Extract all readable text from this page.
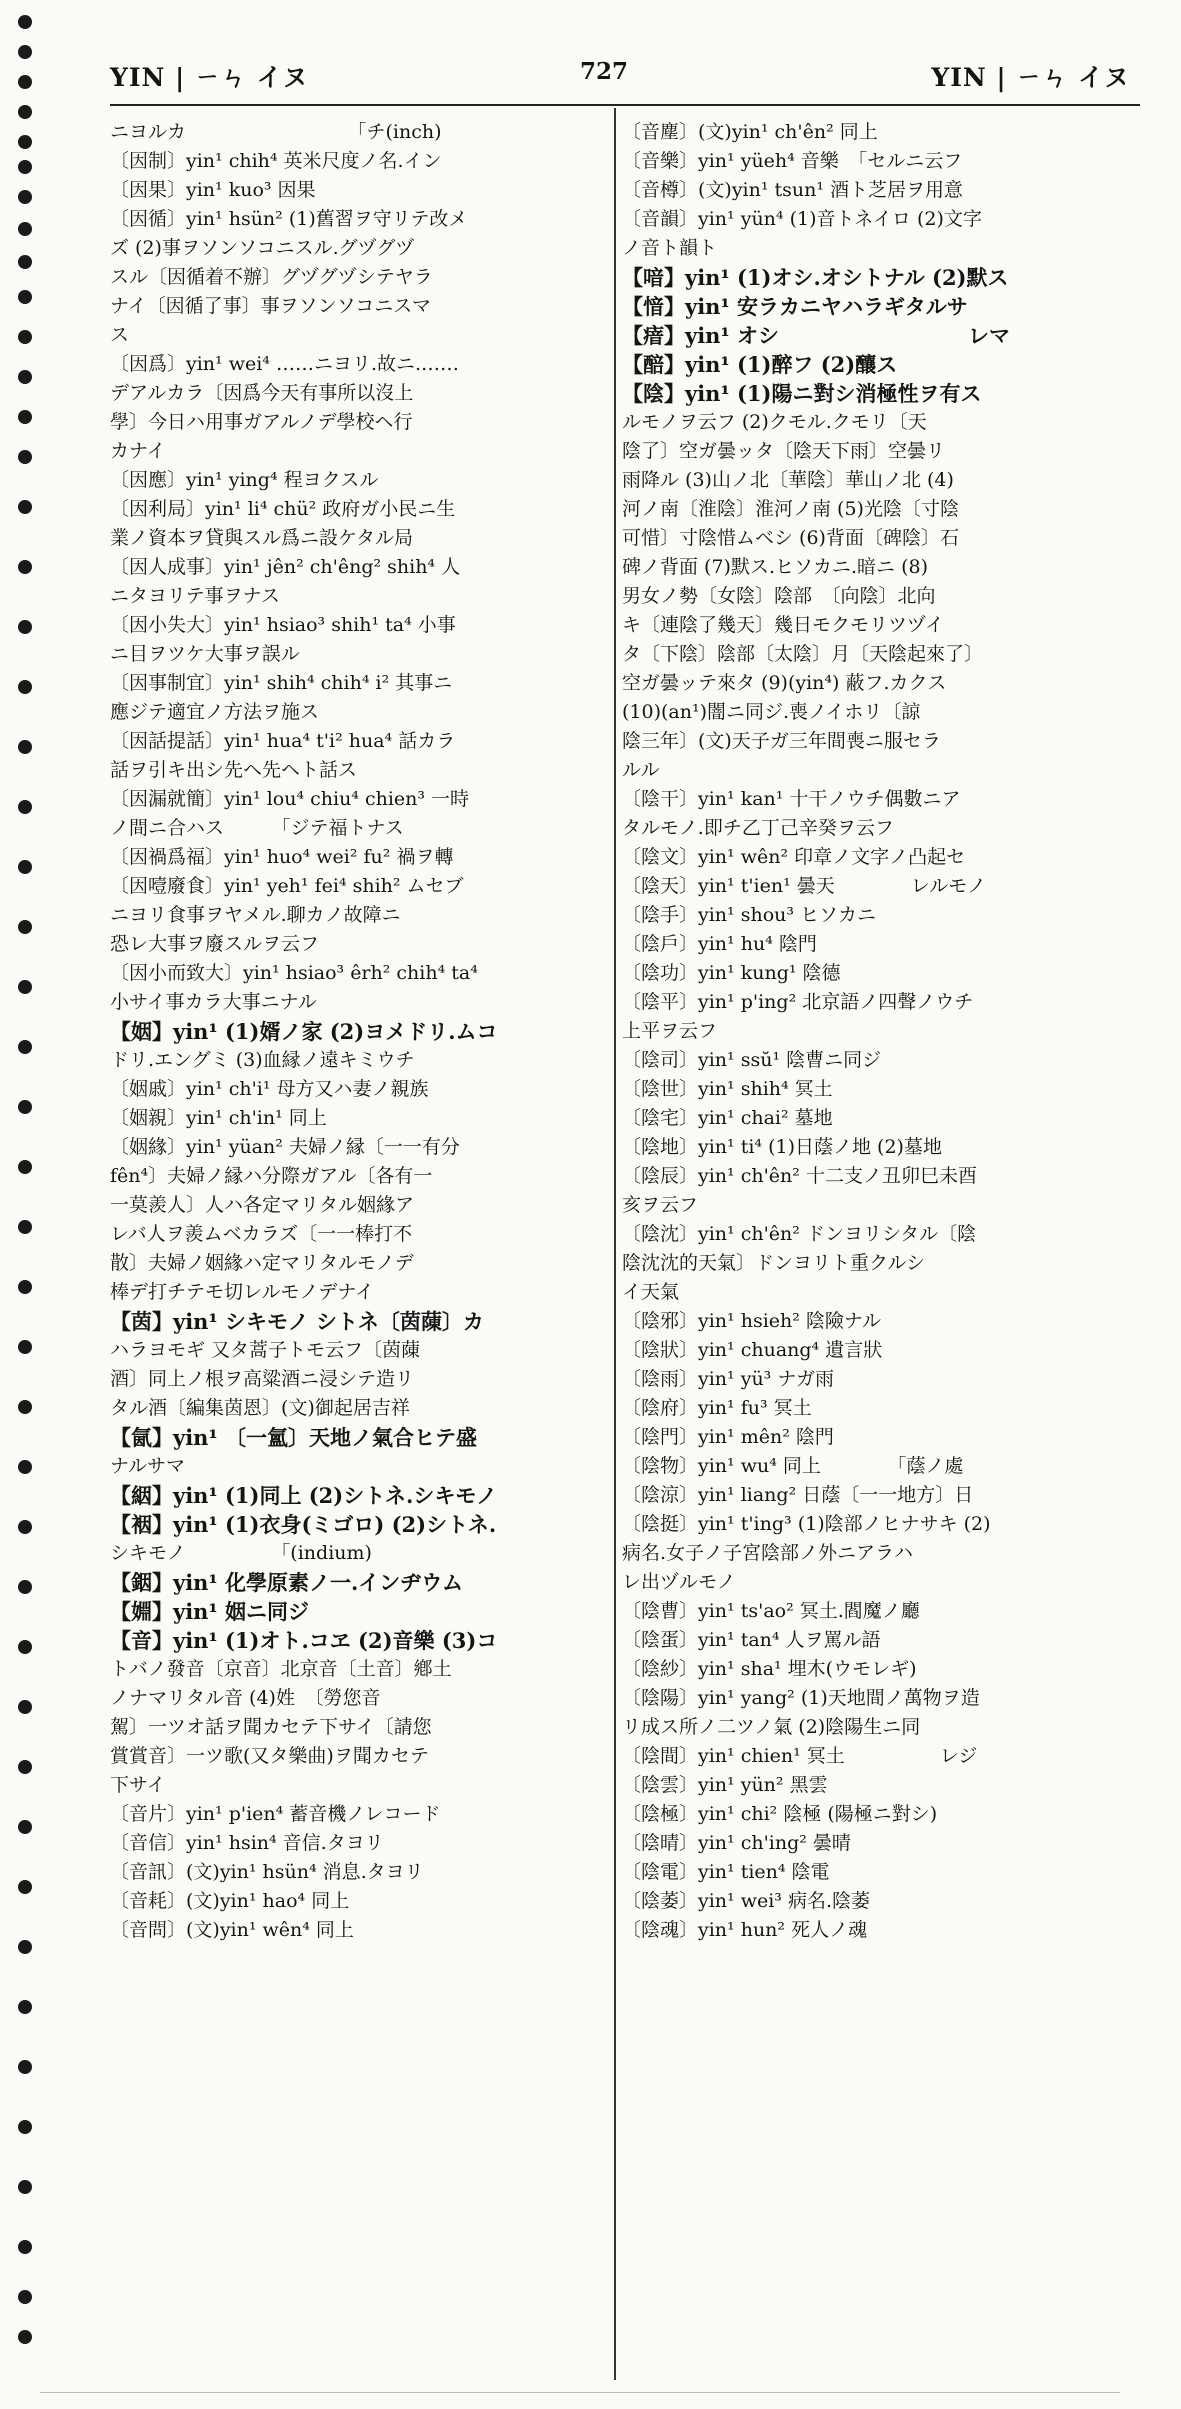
YIN | ㄧㄣ イヌ	727	YIN | ㄧㄣ イヌ
ニヨルカ　　　　　　　　　「チ(inch)
〔因制〕yin¹ chih⁴ 英米尺度ノ名.イン
〔因果〕yin¹ kuo³ 因果
〔因循〕yin¹ hsün² (1)舊習ヲ守リテ改メ
ズ (2)事ヲソンソコニスル.グヅグヅ
スル〔因循着不辦〕グヅグヅシテヤラ
ナイ〔因循了事〕事ヲソンソコニスマ
ス
〔因爲〕yin¹ wei⁴ ……ニヨリ.故ニ.……
デアルカラ〔因爲今天有事所以沒上
學〕今日ハ用事ガアルノデ學校ヘ行
カナイ
〔因應〕yin¹ ying⁴ 程ヨクスル
〔因利局〕yin¹ li⁴ chü² 政府ガ小民ニ生
業ノ資本ヲ貸與スル爲ニ設ケタル局
〔因人成事〕yin¹ jên² ch'êng² shih⁴ 人
ニタヨリテ事ヲナス
〔因小失大〕yin¹ hsiao³ shih¹ ta⁴ 小事
ニ目ヲツケ大事ヲ誤ル
〔因事制宜〕yin¹ shih⁴ chih⁴ i² 其事ニ
應ジテ適宜ノ方法ヲ施ス
〔因話提話〕yin¹ hua⁴ t'i² hua⁴ 話カラ
話ヲ引キ出シ先ヘ先ヘト話ス
〔因漏就簡〕yin¹ lou⁴ chiu⁴ chien³ 一時
ノ間ニ合ハス　　　「ジテ福トナス
〔因禍爲福〕yin¹ huo⁴ wei² fu² 禍ヲ轉
〔因噎廢食〕yin¹ yeh¹ fei⁴ shih² ムセブ
ニヨリ食事ヲヤメル.聊カノ故障ニ
恐レ大事ヲ廢スルヲ云フ
〔因小而致大〕yin¹ hsiao³ êrh² chih⁴ ta⁴
小サイ事カラ大事ニナル
【姻】yin¹ (1)婿ノ家 (2)ヨメドリ.ムコ
ドリ.エングミ (3)血縁ノ遠キミウチ
〔姻戚〕yin¹ ch'i¹ 母方又ハ妻ノ親族
〔姻親〕yin¹ ch'in¹ 同上
〔姻緣〕yin¹ yüan² 夫婦ノ縁〔一一有分
fên⁴〕夫婦ノ縁ハ分際ガアル〔各有一
一莫羨人〕人ハ各定マリタル姻緣ア
レバ人ヲ羨ムベカラズ〔一一棒打不
散〕夫婦ノ姻緣ハ定マリタルモノデ
棒デ打チテモ切レルモノデナイ
【茵】yin¹ シキモノ シトネ〔茵蔯〕カ
ハラヨモギ 又タ蒿子トモ云フ〔茵蔯
酒〕同上ノ根ヲ高粱酒ニ浸シテ造リ
タル酒〔編集茵恩〕(文)御起居吉祥
【氤】yin¹ 〔一氳〕天地ノ氣合ヒテ盛
ナルサマ
【絪】yin¹ (1)同上 (2)シトネ.シキモノ
【裀】yin¹ (1)衣身(ミゴロ) (2)シトネ.
シキモノ　　　　　「(indium)
【銦】yin¹ 化學原素ノ一.インヂウム
【婣】yin¹ 姻ニ同ジ
【音】yin¹ (1)オト.コヱ (2)音樂 (3)コ
トバノ發音〔京音〕北京音〔土音〕鄕土
ノナマリタル音 (4)姓　〔勞您音
駕〕一ツオ話ヲ聞カセテ下サイ〔請您
賞賞音〕一ツ歌(又タ樂曲)ヲ聞カセテ
下サイ
〔音片〕yin¹ p'ien⁴ 蓄音機ノレコード
〔音信〕yin¹ hsin⁴ 音信.タヨリ
〔音訊〕(文)yin¹ hsün⁴ 消息.タヨリ
〔音耗〕(文)yin¹ hao⁴ 同上
〔音問〕(文)yin¹ wên⁴ 同上
〔音塵〕(文)yin¹ ch'ên² 同上
〔音樂〕yin¹ yüeh⁴ 音樂　「セルニ云フ
〔音樽〕(文)yin¹ tsun¹ 酒ト芝居ヲ用意
〔音韻〕yin¹ yün⁴ (1)音トネイロ (2)文字
ノ音ト韻ト
【喑】yin¹ (1)オシ.オシトナル (2)默ス
【愔】yin¹ 安ラカニヤハラギタルサ
【瘖】yin¹ オシ　　　　　　　　　レマ
【醅】yin¹ (1)醉フ (2)釀ス
【陰】yin¹ (1)陽ニ對シ消極性ヲ有ス
ルモノヲ云フ (2)クモル.クモリ〔天
陰了〕空ガ曇ッタ〔陰天下雨〕空曇リ
雨降ル (3)山ノ北〔華陰〕華山ノ北 (4)
河ノ南〔淮陰〕淮河ノ南 (5)光陰〔寸陰
可惜〕寸陰惜ムベシ (6)背面〔碑陰〕石
碑ノ背面 (7)默ス.ヒソカニ.暗ニ (8)
男女ノ勢〔女陰〕陰部　〔向陰〕北向
キ〔連陰了幾天〕幾日モクモリツヅイ
タ〔下陰〕陰部〔太陰〕月〔天陰起來了〕
空ガ曇ッテ來タ (9)(yin⁴) 蔽フ.カクス
(10)(an¹)闇ニ同ジ.喪ノイホリ〔諒
陰三年〕(文)天子ガ三年間喪ニ服セラ
ルル
〔陰干〕yin¹ kan¹ 十干ノウチ偶數ニア
タルモノ.即チ乙丁己辛癸ヲ云フ
〔陰文〕yin¹ wên² 印章ノ文字ノ凸起セ
〔陰天〕yin¹ t'ien¹ 曇天　　　　レルモノ
〔陰手〕yin¹ shou³ ヒソカニ
〔陰戶〕yin¹ hu⁴ 陰門
〔陰功〕yin¹ kung¹ 陰德
〔陰平〕yin¹ p'ing² 北京語ノ四聲ノウチ
上平ヲ云フ
〔陰司〕yin¹ ssŭ¹ 陰曹ニ同ジ
〔陰世〕yin¹ shih⁴ 冥土
〔陰宅〕yin¹ chai² 墓地
〔陰地〕yin¹ ti⁴ (1)日蔭ノ地 (2)墓地
〔陰辰〕yin¹ ch'ên² 十二支ノ丑卯巳未酉
亥ヲ云フ
〔陰沈〕yin¹ ch'ên² ドンヨリシタル〔陰
陰沈沈的天氣〕ドンヨリト重クルシ
イ天氣
〔陰邪〕yin¹ hsieh² 陰險ナル
〔陰狀〕yin¹ chuang⁴ 遺言狀
〔陰雨〕yin¹ yü³ ナガ雨
〔陰府〕yin¹ fu³ 冥土
〔陰門〕yin¹ mên² 陰門
〔陰物〕yin¹ wu⁴ 同上　　　　「蔭ノ處
〔陰涼〕yin¹ liang² 日蔭〔一一地方〕日
〔陰挺〕yin¹ t'ing³ (1)陰部ノヒナサキ (2)
病名.女子ノ子宮陰部ノ外ニアラハ
レ出ヅルモノ
〔陰曹〕yin¹ ts'ao² 冥土.閻魔ノ廳
〔陰蛋〕yin¹ tan⁴ 人ヲ罵ル語
〔陰紗〕yin¹ sha¹ 埋木(ウモレギ)
〔陰陽〕yin¹ yang² (1)天地間ノ萬物ヲ造
リ成ス所ノ二ツノ氣 (2)陰陽生ニ同
〔陰間〕yin¹ chien¹ 冥土　　　　　レジ
〔陰雲〕yin¹ yün² 黑雲
〔陰極〕yin¹ chi² 陰極 (陽極ニ對シ)
〔陰晴〕yin¹ ch'ing² 曇晴
〔陰電〕yin¹ tien⁴ 陰電
〔陰萎〕yin¹ wei³ 病名.陰萎
〔陰魂〕yin¹ hun² 死人ノ魂
